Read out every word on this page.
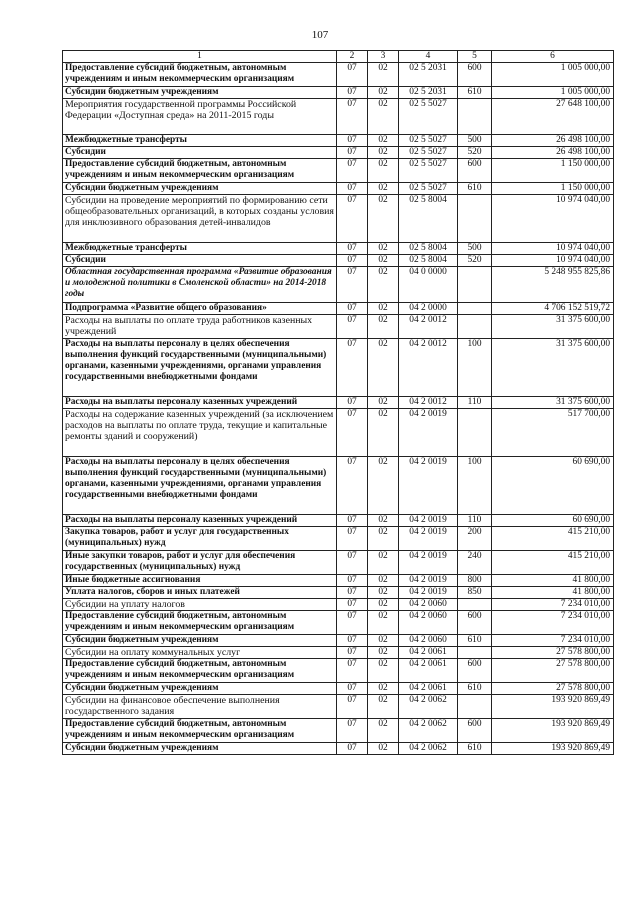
107
1	2	3	4	5	6
Предоставление субсидий бюджетным, автономным учреждениям и иным некоммерческим организациям	07	02	02 5 2031	600	1 005 000,00
Субсидии бюджетным учреждениям	07	02	02 5 2031	610	1 005 000,00
Мероприятия государственной программы Российской Федерации «Доступная среда» на 2011-2015 годы	07	02	02 5 5027		27 648 100,00
Межбюджетные трансферты	07	02	02 5 5027	500	26 498 100,00
Субсидии	07	02	02 5 5027	520	26 498 100,00
Предоставление субсидий бюджетным, автономным учреждениям и иным некоммерческим организациям	07	02	02 5 5027	600	1 150 000,00
Субсидии бюджетным учреждениям	07	02	02 5 5027	610	1 150 000,00
Субсидии на проведение мероприятий по формированию сети общеобразовательных организаций, в которых созданы условия для инклюзивного образования детей-инвалидов	07	02	02 5 8004		10 974 040,00
Межбюджетные трансферты	07	02	02 5 8004	500	10 974 040,00
Субсидии	07	02	02 5 8004	520	10 974 040,00
Областная государственная программа «Развитие образования и молодежной политики в Смоленской области» на 2014-2018 годы	07	02	04 0 0000		5 248 955 825,86
Подпрограмма «Развитие общего образования»	07	02	04 2 0000		4 706 152 519,72
Расходы на выплаты по оплате труда работников казенных учреждений	07	02	04 2 0012		31 375 600,00
Расходы на выплаты персоналу в целях обеспечения выполнения функций государственными (муниципальными) органами, казенными учреждениями, органами управления государственными внебюджетными фондами	07	02	04 2 0012	100	31 375 600,00
Расходы на выплаты персоналу казенных учреждений	07	02	04 2 0012	110	31 375 600,00
Расходы на содержание казенных учреждений (за исключением расходов на выплаты по оплате труда, текущие и капитальные ремонты зданий и сооружений)	07	02	04 2 0019		517 700,00
Расходы на выплаты персоналу в целях обеспечения выполнения функций государственными (муниципальными) органами, казенными учреждениями, органами управления государственными внебюджетными фондами	07	02	04 2 0019	100	60 690,00
Расходы на выплаты персоналу казенных учреждений	07	02	04 2 0019	110	60 690,00
Закупка товаров, работ и услуг для государственных (муниципальных) нужд	07	02	04 2 0019	200	415 210,00
Иные закупки товаров, работ и услуг для обеспечения государственных (муниципальных) нужд	07	02	04 2 0019	240	415 210,00
Иные бюджетные ассигнования	07	02	04 2 0019	800	41 800,00
Уплата налогов, сборов и иных платежей	07	02	04 2 0019	850	41 800,00
Субсидии на уплату налогов	07	02	04 2 0060		7 234 010,00
Предоставление субсидий бюджетным, автономным учреждениям и иным некоммерческим организациям	07	02	04 2 0060	600	7 234 010,00
Субсидии бюджетным учреждениям	07	02	04 2 0060	610	7 234 010,00
Субсидии на оплату коммунальных услуг	07	02	04 2 0061		27 578 800,00
Предоставление субсидий бюджетным, автономным учреждениям и иным некоммерческим организациям	07	02	04 2 0061	600	27 578 800,00
Субсидии бюджетным учреждениям	07	02	04 2 0061	610	27 578 800,00
Субсидии на финансовое обеспечение выполнения государственного задания	07	02	04 2 0062		193 920 869,49
Предоставление субсидий бюджетным, автономным учреждениям и иным некоммерческим организациям	07	02	04 2 0062	600	193 920 869,49
Субсидии бюджетным учреждениям	07	02	04 2 0062	610	193 920 869,49
